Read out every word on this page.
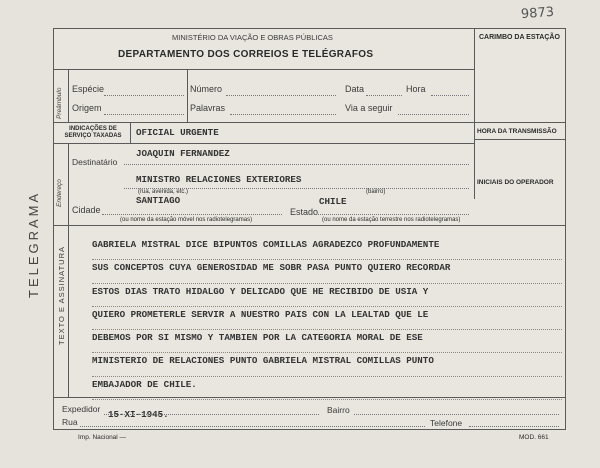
9873
TELEGRAMA
MINISTÉRIO DA VIAÇÃO E OBRAS PÚBLICAS
DEPARTAMENTO DOS CORREIOS E TELÉGRAFOS
CARIMBO DA ESTAÇÃO
Preâmbulo Espécie	Número	Data	Hora
Origem	Palavras	Via a seguir
HORA DA TRANSMISSÃO
INICIAIS DO OPERADOR
Endereço
INDICAÇÕES DE SERVIÇO TAXADAS	OFICIAL URGENTE
Destinatário
JOAQUIN FERNANDEZ
MINISTRO RELACIONES EXTERIORES
(rua, avenida, etc.)	(bairro)
Cidade
SANTIAGO
Estado
CHILE
(ou nome da estação móvel nos radiotelegramas)	(ou nome da estação terrestre nos radiotelegramas)
TEXTO E ASSINATURA
GABRIELA MISTRAL DICE BIPUNTOS COMILLAS AGRADEZCO PROFUNDAMENTE
SUS CONCEPTOS CUYA GENEROSIDAD ME SOBR PASA PUNTO QUIERO RECORDAR
ESTOS DIAS TRATO HIDALGO Y DELICADO QUE HE RECIBIDO DE USIA Y
QUIERO PROMETERLE SERVIR A NUESTRO PAIS CON LA LEALTAD QUE LE
DEBEMOS POR SI MISMO Y TAMBIEN POR LA CATEGORIA MORAL DE ESE
MINISTERIO DE RELACIONES PUNTO GABRIELA MISTRAL COMILLAS PUNTO
EMBAJADOR DE CHILE.
Expedidor 15-XI-1945.	Bairro
Rua	Telefone
Imp. Nacional —	MOD. 661
